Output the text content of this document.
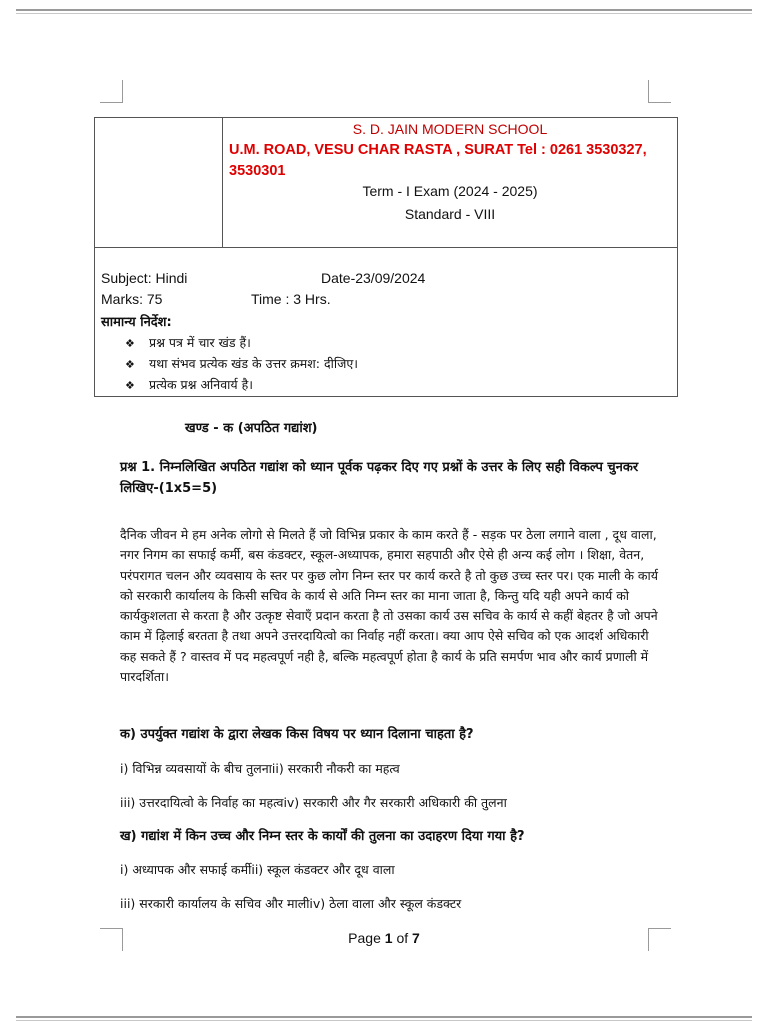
S. D. JAIN MODERN SCHOOL
U.M. ROAD, VESU CHAR RASTA , SURAT Tel : 0261 3530327, 3530301
Term - I Exam (2024 - 2025)
Standard - VIII
Subject: Hindi	Date-23/09/2024
Marks: 75	Time : 3 Hrs.
सामान्य निर्देश:
❖ प्रश्न पत्र में चार खंड हैं।
❖ यथा संभव प्रत्येक खंड के उत्तर क्रमश: दीजिए।
❖ प्रत्येक प्रश्न अनिवार्य है।
खण्ड - क (अपठित गद्यांश)
प्रश्न 1. निम्नलिखित अपठित गद्यांश को ध्यान पूर्वक पढ़कर दिए गए प्रश्नों के उत्तर के लिए सही विकल्प चुनकर लिखिए-(1x5=5)
दैनिक जीवन मे हम अनेक लोगो से मिलते हैं जो विभिन्न प्रकार के काम करते हैं - सड़क पर ठेला लगाने वाला , दूध वाला, नगर निगम का सफाई कर्मी, बस कंडक्टर, स्कूल-अध्यापक, हमारा सहपाठी और ऐसे ही अन्य कई लोग । शिक्षा, वेतन, परंपरागत चलन और व्यवसाय के स्तर पर कुछ लोग निम्न स्तर पर कार्य करते है तो कुछ उच्च स्तर पर। एक माली के कार्य को सरकारी कार्यालय के किसी सचिव के कार्य से अति निम्न स्तर का माना जाता है, किन्तु यदि यही अपने कार्य को कार्यकुशलता से करता है और उत्कृष्ट सेवाएँ प्रदान करता है तो उसका कार्य उस सचिव के कार्य से कहीं बेहतर है जो अपने काम में ढ़िलाई बरतता है तथा अपने उत्तरदायित्वो का निर्वाह नहीं करता। क्या आप ऐसे सचिव को एक आदर्श अधिकारी कह सकते हैं ? वास्तव में पद महत्वपूर्ण नही है, बल्कि महत्वपूर्ण होता है कार्य के प्रति समर्पण भाव और कार्य प्रणाली में पारदर्शिता।
क) उपर्युक्त गद्यांश के द्वारा लेखक किस विषय पर ध्यान दिलाना चाहता है?
i) विभिन्न व्यवसायों के बीच तुलनाii) सरकारी नौकरी का महत्व
iii) उत्तरदायित्वो के निर्वाह का महत्वiv) सरकारी और गैर सरकारी अधिकारी की तुलना
ख) गद्यांश में किन उच्च और निम्न स्तर के कार्यों की तुलना का उदाहरण दिया गया है?
i) अध्यापक और सफाई कर्मीii) स्कूल कंडक्टर और दूध वाला
iii) सरकारी कार्यालय के सचिव और मालीiv) ठेला वाला और स्कूल कंडक्टर
Page 1 of 7
